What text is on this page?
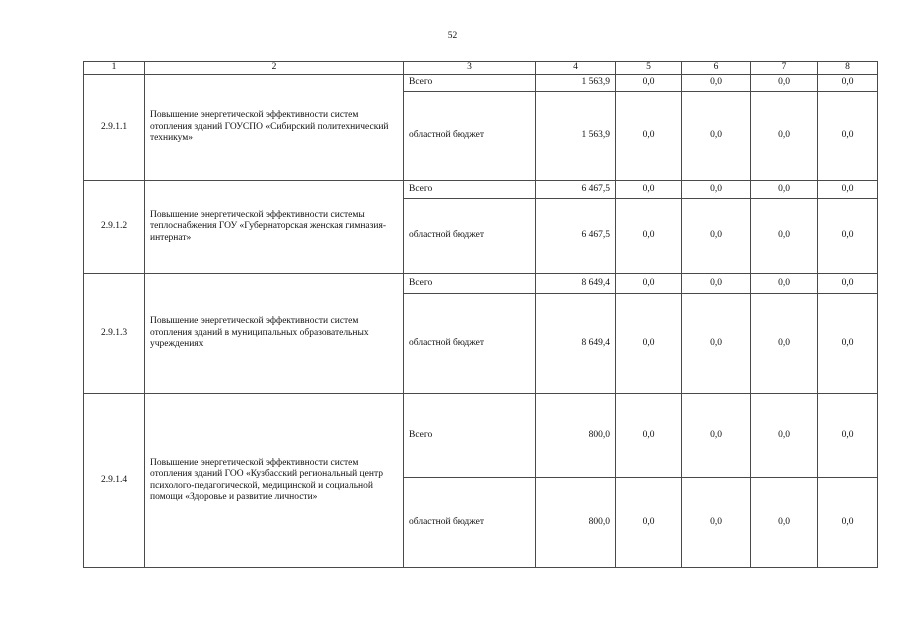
52
1	2	3	4	5	6	7	8
2.9.1.1	Повышение энергетической эффективности систем отопления зданий ГОУСПО «Сибирский политехнический техникум»	Всего	1 563,9	0,0	0,0	0,0	0,0
		областной бюджет	1 563,9	0,0	0,0	0,0	0,0
2.9.1.2	Повышение энергетической эффективности системы теплоснабжения ГОУ «Губернаторская женская гимназия-интернат»	Всего	6 467,5	0,0	0,0	0,0	0,0
		областной бюджет	6 467,5	0,0	0,0	0,0	0,0
2.9.1.3	Повышение энергетической эффективности систем отопления зданий в муниципальных образовательных учреждениях	Всего	8 649,4	0,0	0,0	0,0	0,0
		областной бюджет	8 649,4	0,0	0,0	0,0	0,0
2.9.1.4	Повышение энергетической эффективности систем отопления зданий ГОО «Кузбасский региональный центр психолого-педагогической, медицинской и социальной помощи «Здоровье и развитие личности»	Всего	800,0	0,0	0,0	0,0	0,0
		областной бюджет	800,0	0,0	0,0	0,0	0,0
